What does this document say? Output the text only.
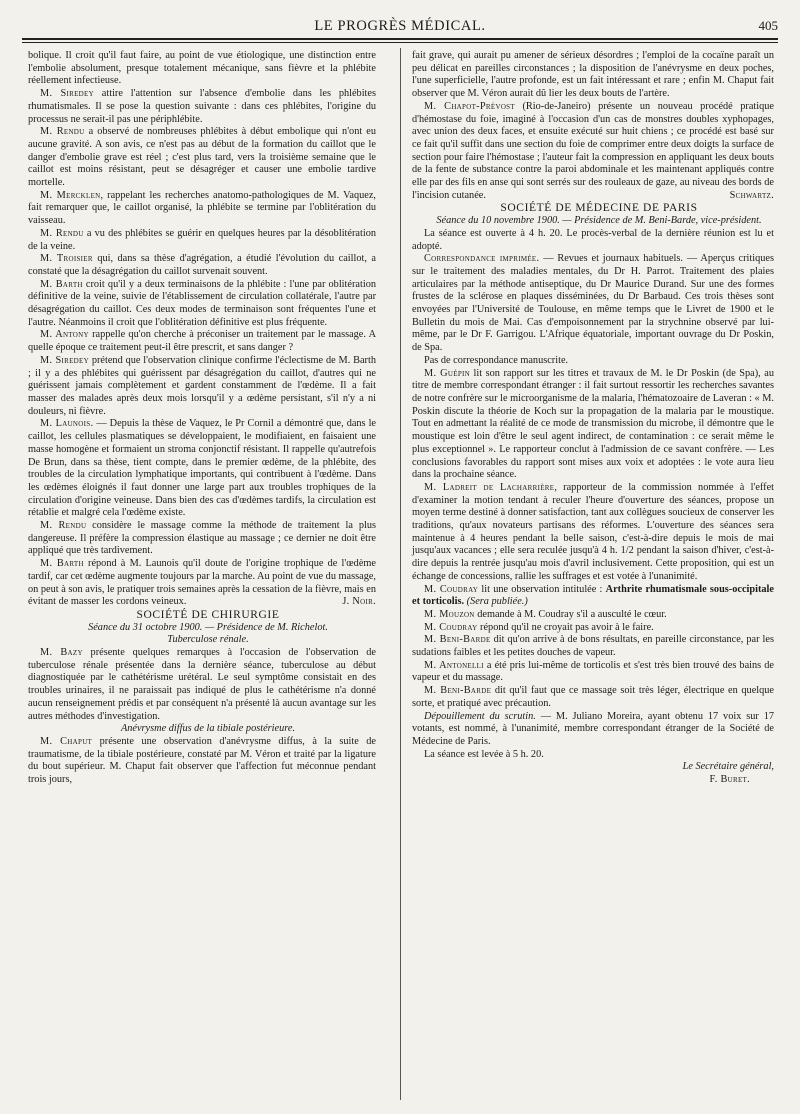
LE PROGRÈS MÉDICAL.	405

bolique. Il croit qu'il faut faire, au point de vue étiologique, une distinction entre l'embolie absolument, presque totalement mécanique, sans fièvre et la phlébite réellement infectieuse.

M. Siredey attire l'attention sur l'absence d'embolie dans les phlébites rhumatismales. Il se pose la question suivante : dans ces phlébites, l'origine du processus ne serait-il pas une périphlébite.

M. Rendu a observé de nombreuses phlébites à début embolique qui n'ont eu aucune gravité. A son avis, ce n'est pas au début de la formation du caillot que le danger d'embolie grave est réel ; c'est plus tard, vers la troisième semaine que le caillot est moins résistant, peut se désagréger et causer une embolie tardive mortelle.

M. Mercklen, rappelant les recherches anatomo-pathologiques de M. Vaquez, fait remarquer que, le caillot organisé, la phlébite se termine par l'oblitération du vaisseau.

M. Rendu a vu des phlébites se guérir en quelques heures par la désoblitération de la veine.

M. Troisier qui, dans sa thèse d'agrégation, a étudié l'évolution du caillot, a constaté que la désagrégation du caillot survenait souvent.

M. Barth croit qu'il y a deux terminaisons de la phlébite : l'une par oblitération définitive de la veine, suivie de l'établissement de circulation collatérale, l'autre par désagrégation du caillot. Ces deux modes de terminaison sont fréquentes l'une et l'autre. Néanmoins il croit que l'oblitération définitive est plus fréquente.

M. Antony rappelle qu'on cherche à préconiser un traitement par le massage. A quelle époque ce traitement peut-il être prescrit, et sans danger ?

M. Siredey prétend que l'observation clinique confirme l'éclectisme de M. Barth ; il y a des phlébites qui guérissent par désagrégation du caillot, d'autres qui ne guérissent jamais complètement et gardent constamment de l'œdème. Il a fait masser des malades après deux mois lorsqu'il y a œdème persistant, s'il n'y a ni douleurs, ni fièvre.

M. Launois. — Depuis la thèse de Vaquez, le Pr Cornil a démontré que, dans le caillot, les cellules plasmatiques se développaient, le modifiaient, en faisaient une masse homogène et formaient un stroma conjonctif résistant. Il rappelle qu'autrefois De Brun, dans sa thèse, tient compte, dans le premier œdème, de la phlébite, des troubles de la circulation lymphatique importants, qui contribuent à l'œdème. Dans les œdèmes éloignés il faut donner une large part aux troubles trophiques de la circulation d'origine veineuse. Dans bien des cas d'œdèmes tardifs, la circulation est rétablie et malgré cela l'œdème existe.

M. Rendu considère le massage comme la méthode de traitement la plus dangereuse. Il préfère la compression élastique au massage ; ce dernier ne doit être appliqué que très tardivement.

M. Barth répond à M. Launois qu'il doute de l'origine trophique de l'œdème tardif, car cet œdème augmente toujours par la marche. Au point de vue du massage, on peut à son avis, le pratiquer trois semaines après la cessation de la fièvre, mais en évitant de masser les cordons veineux.	J. Noir.

SOCIÉTÉ DE CHIRURGIE

Séance du 31 octobre 1900. — Présidence de M. Richelot.

Tuberculose rénale.

M. Bazy présente quelques remarques à l'occasion de l'observation de tuberculose rénale présentée dans la dernière séance, tuberculose au début diagnostiquée par le cathétérisme urétéral. Le seul symptôme consistait en des troubles urinaires, il ne paraissait pas indiqué de plus le cathétérisme n'a donné aucun renseignement prédis et par conséquent n'a présenté là aucun avantage sur les autres méthodes d'investigation.

Anévrysme diffus de la tibiale postérieure.

M. Chaput présente une observation d'anévrysme diffus, à la suite de traumatisme, de la tibiale postérieure, constaté par M. Véron et traité par la ligature du bout supérieur. M. Chaput fait observer que l'affection fut méconnue pendant trois jours,

fait grave, qui aurait pu amener de sérieux désordres ; l'emploi de la cocaïne paraît un peu délicat en pareilles circonstances ; la disposition de l'anévrysme en deux poches, l'une superficielle, l'autre profonde, est un fait intéressant et rare ; enfin M. Chaput fait observer que M. Véron aurait dû lier les deux bouts de l'artère.

M. Chapot-Prévost (Rio-de-Janeiro) présente un nouveau procédé pratique d'hémostase du foie, imaginé à l'occasion d'un cas de monstres doubles xyphopages, avec union des deux faces, et ensuite exécuté sur huit chiens ; ce procédé est basé sur ce fait qu'il suffit dans une section du foie de comprimer entre deux doigts la surface de section pour faire l'hémostase ; l'auteur fait la compression en appliquant les deux bouts de la fente de substance contre la paroi abdominale et les maintenant appliqués contre elle par des fils en anse qui sont serrés sur des rouleaux de gaze, au niveau des bords de l'incision cutanée.	Schwartz.

SOCIÉTÉ DE MÉDECINE DE PARIS

Séance du 10 novembre 1900. — Présidence de M. Beni-Barde, vice-président.

La séance est ouverte à 4 h. 20. Le procès-verbal de la dernière réunion est lu et adopté.

Correspondance imprimée. — Revues et journaux habituels. — Aperçus critiques sur le traitement des maladies mentales, du Dr H. Parrot. Traitement des plaies articulaires par la méthode antiseptique, du Dr Maurice Durand. Sur une des formes frustes de la sclérose en plaques disséminées, du Dr Barbaud. Ces trois thèses sont envoyées par l'Université de Toulouse, en même temps que le Livret de 1900 et le Bulletin du mois de Mai. Cas d'empoisonnement par la strychnine observé par lui-même, par le Dr F. Garrigou. L'Afrique équatoriale, important ouvrage du Dr Poskin, de Spa.

Pas de correspondance manuscrite.

M. Guépin lit son rapport sur les titres et travaux de M. le Dr Poskin (de Spa), au titre de membre correspondant étranger : il fait surtout ressortir les recherches savantes de notre confrère sur le microorganisme de la malaria, l'hématozoaire de Laveran : « M. Poskin discute la théorie de Koch sur la propagation de la malaria par le moustique. Tout en admettant la réalité de ce mode de transmission du microbe, il démontre que le moustique est loin d'être le seul agent indirect, de contamination : ce serait même le plus exceptionnel ». Le rapporteur conclut à l'admission de ce savant confrère. — Les conclusions favorables du rapport sont mises aux voix et adoptées : le vote aura lieu dans la prochaine séance.

M. Ladreit de Lacharrière, rapporteur de la commission nommée à l'effet d'examiner la motion tendant à reculer l'heure d'ouverture des séances, propose un moyen terme destiné à donner satisfaction, tant aux collègues soucieux de conserver les traditions, qu'aux novateurs partisans des réformes. L'ouverture des séances sera maintenue à 4 heures pendant la belle saison, c'est-à-dire depuis le mois de mai jusqu'aux vacances ; elle sera reculée jusqu'à 4 h. 1/2 pendant la saison d'hiver, c'est-à-dire depuis la rentrée jusqu'au mois d'avril inclusivement. Cette proposition, qui est un échange de concessions, rallie les suffrages et est votée à l'unanimité.

M. Coudray lit une observation intitulée : Arthrite rhumatismale sous-occipitale et torticolis. (Sera publiée.)

M. Mouzon demande à M. Coudray s'il a ausculté le cœur.

M. Coudray répond qu'il ne croyait pas avoir à le faire.

M. Beni-Barde dit qu'on arrive à de bons résultats, en pareille circonstance, par les sudations faibles et les petites douches de vapeur.

M. Antonelli a été pris lui-même de torticolis et s'est très bien trouvé des bains de vapeur et du massage.

M. Beni-Barde dit qu'il faut que ce massage soit très léger, électrique en quelque sorte, et pratiqué avec précaution.

Dépouillement du scrutin. — M. Juliano Moreira, ayant obtenu 17 voix sur 17 votants, est nommé, à l'unanimité, membre correspondant étranger de la Société de Médecine de Paris.

La séance est levée à 5 h. 20.

Le Secrétaire général,

F. Buret.
